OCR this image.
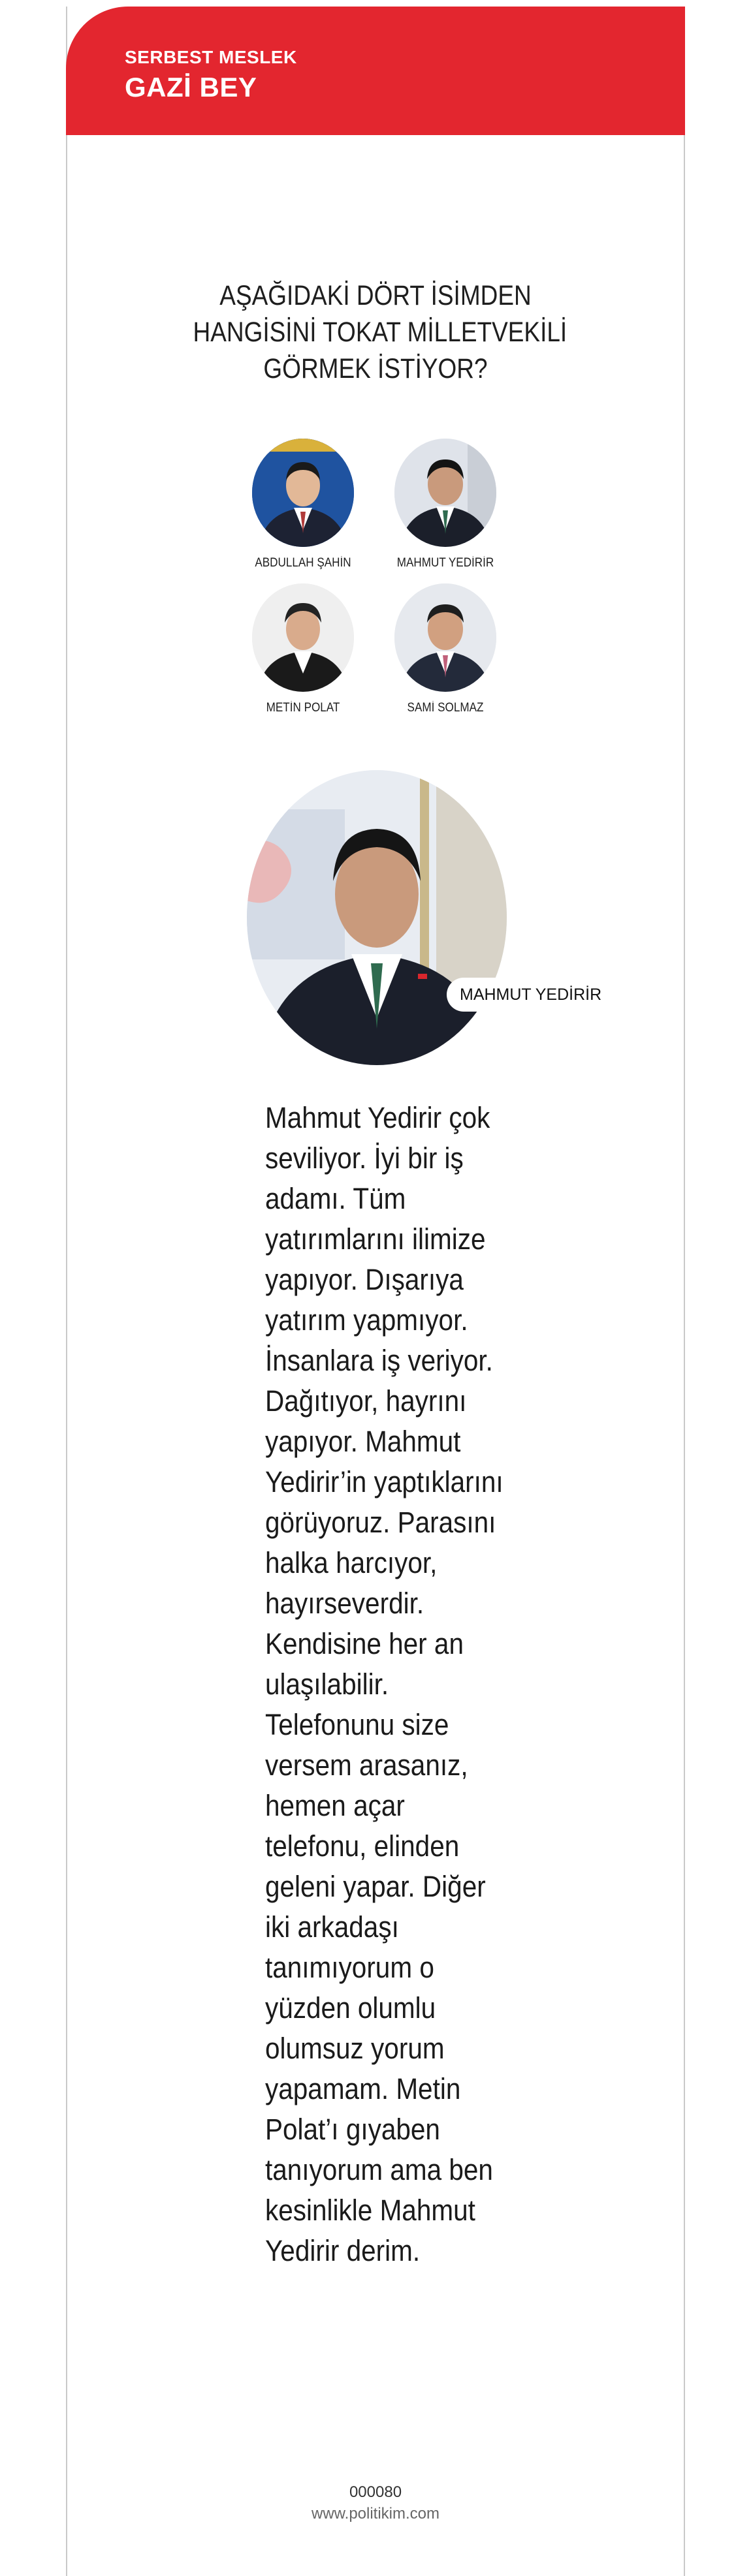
SERBEST MESLEK
GAZİ BEY
AŞAĞIDAKİ DÖRT İSİMDEN
HANGİSİNİ TOKAT MİLLETVEKİLİ
GÖRMEK İSTİYOR?
ABDULLAH ŞAHİN	MAHMUT YEDİRİR
METİN POLAT	SAMİ SOLMAZ
MAHMUT YEDİRİR
Mahmut Yedirir çok
seviliyor. İyi bir iş
adamı. Tüm
yatırımlarını ilimize
yapıyor. Dışarıya
yatırım yapmıyor.
İnsanlara iş veriyor.
Dağıtıyor, hayrını
yapıyor. Mahmut
Yedirir’in yaptıklarını
görüyoruz. Parasını
halka harcıyor,
hayırseverdir.
Kendisine her an
ulaşılabilir.
Telefonunu size
versem arasanız,
hemen açar
telefonu, elinden
geleni yapar. Diğer
iki arkadaşı
tanımıyorum o
yüzden olumlu
olumsuz yorum
yapamam. Metin
Polat’ı gıyaben
tanıyorum ama ben
kesinlikle Mahmut
Yedirir derim.
000080
www.politikim.com
